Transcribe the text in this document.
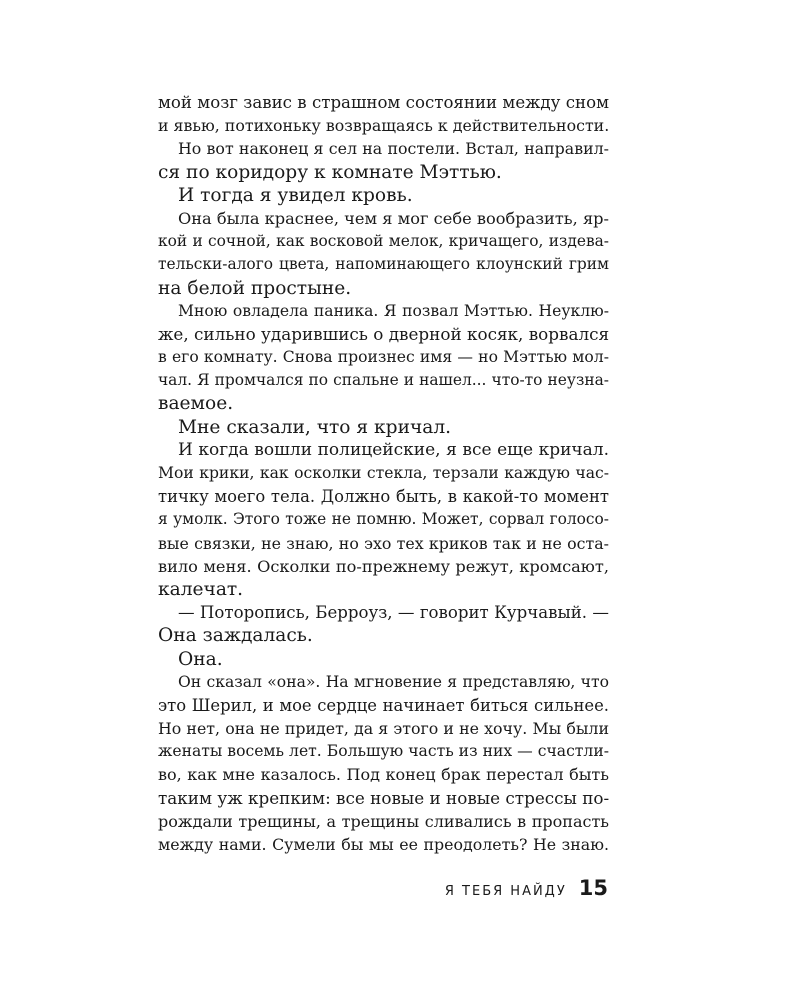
мой мозг завис в страшном состоянии между сном
и явью, потихоньку возвращаясь к действительности.
Но вот наконец я сел на постели. Встал, направил-
ся по коридору к комнате Мэттью.
И тогда я увидел кровь.
Она была краснее, чем я мог себе вообразить, яр-
кой и сочной, как восковой мелок, кричащего, издева-
тельски-алого цвета, напоминающего клоунский грим
на белой простыне.
Мною овладела паника. Я позвал Мэттью. Неуклю-
же, сильно ударившись о дверной косяк, ворвался
в его комнату. Снова произнес имя — но Мэттью мол-
чал. Я промчался по спальне и нашел... что-то неузна-
ваемое.
Мне сказали, что я кричал.
И когда вошли полицейские, я все еще кричал.
Мои крики, как осколки стекла, терзали каждую час-
тичку моего тела. Должно быть, в какой-то момент
я умолк. Этого тоже не помню. Может, сорвал голосо-
вые связки, не знаю, но эхо тех криков так и не оста-
вило меня. Осколки по-прежнему режут, кромсают,
калечат.
— Поторопись, Берроуз, — говорит Курчавый. —
Она заждалась.
Она.
Он сказал «она». На мгновение я представляю, что
это Шерил, и мое сердце начинает биться сильнее.
Но нет, она не придет, да я этого и не хочу. Мы были
женаты восемь лет. Большую часть из них — счастли-
во, как мне казалось. Под конец брак перестал быть
таким уж крепким: все новые и новые стрессы по-
рождали трещины, а трещины сливались в пропасть
между нами. Сумели бы мы ее преодолеть? Не знаю.
Я ТЕБЯ НАЙДУ 15
